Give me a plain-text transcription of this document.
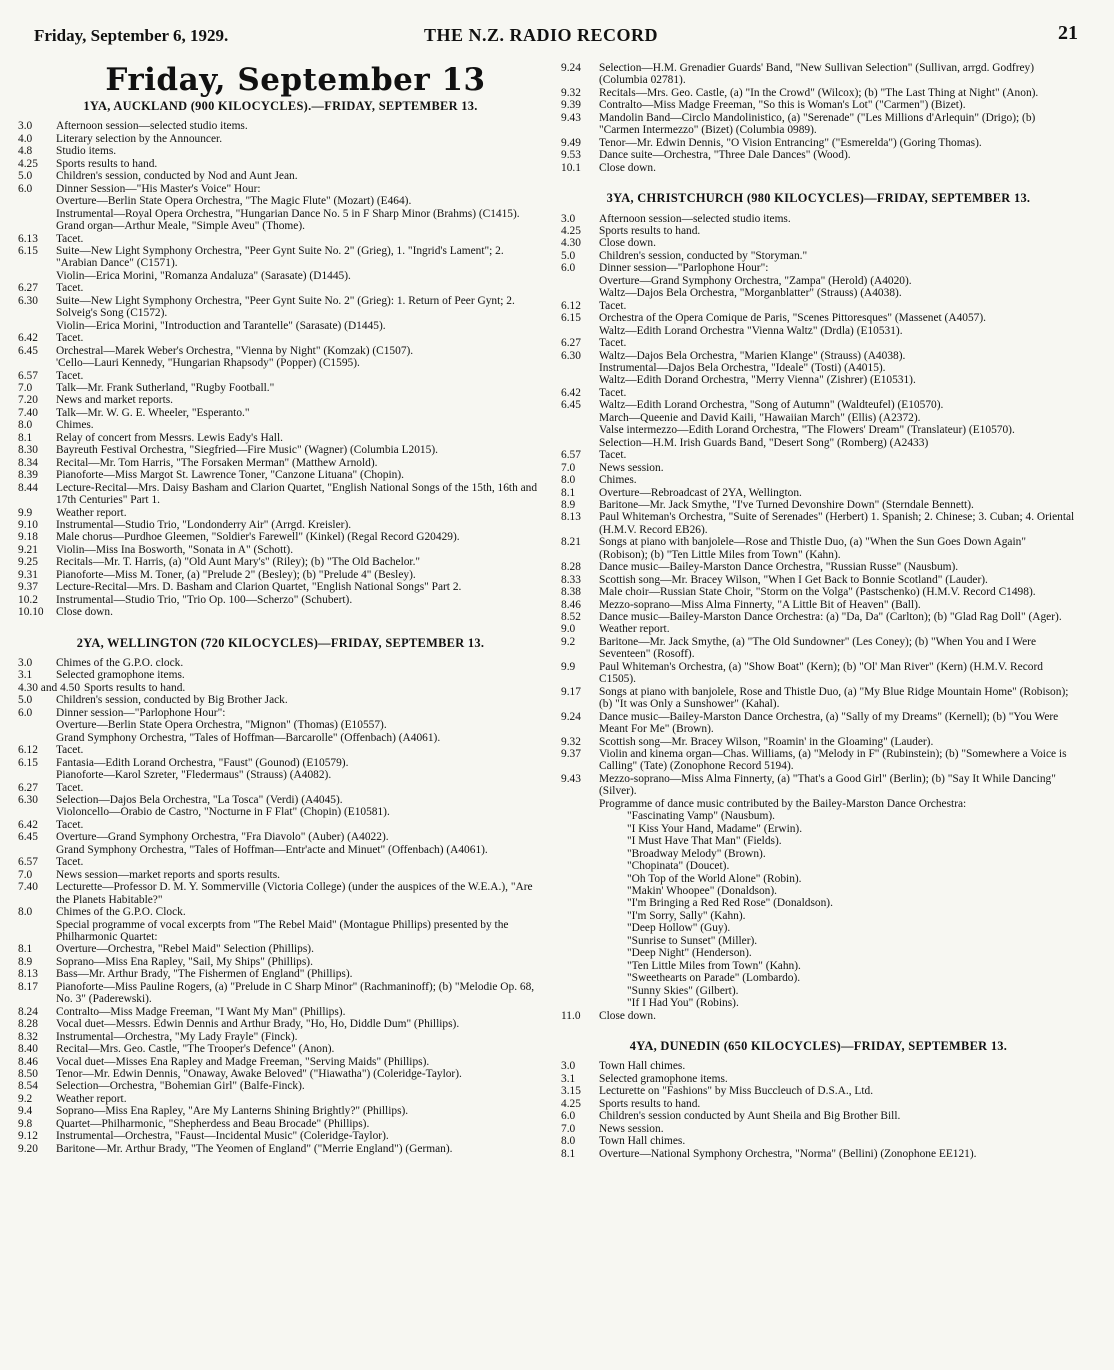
Friday, September 6, 1929.	THE N.Z. RADIO RECORD	21
Friday, September 13
1YA, AUCKLAND (900 KILOCYCLES).—FRIDAY, SEPTEMBER 13.
3.0	Afternoon session—selected studio items.
4.0	Literary selection by the Announcer.
4.8	Studio items.
4.25	Sports results to hand.
5.0	Children's session, conducted by Nod and Aunt Jean.
6.0	Dinner Session—"His Master's Voice" Hour:
Overture—Berlin State Opera Orchestra, "The Magic Flute" (Mozart) (E464).
Instrumental—Royal Opera Orchestra, "Hungarian Dance No. 5 in F Sharp Minor (Brahms) (C1415).
Grand organ—Arthur Meale, "Simple Aveu" (Thome).
6.13	Tacet.
6.15	Suite—New Light Symphony Orchestra, "Peer Gynt Suite No. 2" (Grieg), 1. "Ingrid's Lament"; 2. "Arabian Dance" (C1571).
Violin—Erica Morini, "Romanza Andaluza" (Sarasate) (D1445).
6.27	Tacet.
6.30	Suite—New Light Symphony Orchestra, "Peer Gynt Suite No. 2" (Grieg): 1. Return of Peer Gynt; 2. Solveig's Song (C1572).
Violin—Erica Morini, "Introduction and Tarantelle" (Sarasate) (D1445).
6.42	Tacet.
6.45	Orchestral—Marek Weber's Orchestra, "Vienna by Night" (Komzak) (C1507).
'Cello—Lauri Kennedy, "Hungarian Rhapsody" (Popper) (C1595).
6.57	Tacet.
7.0	Talk—Mr. Frank Sutherland, "Rugby Football."
7.20	News and market reports.
7.40	Talk—Mr. W. G. E. Wheeler, "Esperanto."
8.0	Chimes.
8.1	Relay of concert from Messrs. Lewis Eady's Hall.
8.30	Bayreuth Festival Orchestra, "Siegfried—Fire Music" (Wagner) (Columbia L2015).
8.34	Recital—Mr. Tom Harris, "The Forsaken Merman" (Matthew Arnold).
8.39	Pianoforte—Miss Margot St. Lawrence Toner, "Canzone Lituana" (Chopin).
8.44	Lecture-Recital—Mrs. Daisy Basham and Clarion Quartet, "English National Songs of the 15th, 16th and 17th Centuries" Part 1.
9.9	Weather report.
9.10	Instrumental—Studio Trio, "Londonderry Air" (Arrgd. Kreisler).
9.18	Male chorus—Purdhoe Gleemen, "Soldier's Farewell" (Kinkel) (Regal Record G20429).
9.21	Violin—Miss Ina Bosworth, "Sonata in A" (Schott).
9.25	Recitals—Mr. T. Harris, (a) "Old Aunt Mary's" (Riley); (b) "The Old Bachelor."
9.31	Pianoforte—Miss M. Toner, (a) "Prelude 2" (Besley); (b) "Prelude 4" (Besley).
9.37	Lecture-Recital—Mrs. D. Basham and Clarion Quartet, "English National Songs" Part 2.
10.2	Instrumental—Studio Trio, "Trio Op. 100—Scherzo" (Schubert).
10.10	Close down.
2YA, WELLINGTON (720 KILOCYCLES)—FRIDAY, SEPTEMBER 13.
3.0	Chimes of the G.P.O. clock.
3.1	Selected gramophone items.
4.30 and 4.50 Sports results to hand.
5.0	Children's session, conducted by Big Brother Jack.
6.0	Dinner session—"Parlophone Hour":
Overture—Berlin State Opera Orchestra, "Mignon" (Thomas) (E10557).
Grand Symphony Orchestra, "Tales of Hoffman—Barcarolle" (Offenbach) (A4061).
6.12	Tacet.
6.15	Fantasia—Edith Lorand Orchestra, "Faust" (Gounod) (E10579).
Pianoforte—Karol Szreter, "Fledermaus" (Strauss) (A4082).
6.27	Tacet.
6.30	Selection—Dajos Bela Orchestra, "La Tosca" (Verdi) (A4045).
Violoncello—Orabio de Castro, "Nocturne in F Flat" (Chopin) (E10581).
6.42	Tacet.
6.45	Overture—Grand Symphony Orchestra, "Fra Diavolo" (Auber) (A4022).
Grand Symphony Orchestra, "Tales of Hoffman—Entr'acte and Minuet" (Offenbach) (A4061).
6.57	Tacet.
7.0	News session—market reports and sports results.
7.40	Lecturette—Professor D. M. Y. Sommerville (Victoria College) (under the auspices of the W.E.A.), "Are the Planets Habitable?"
8.0	Chimes of the G.P.O. Clock.
Special programme of vocal excerpts from "The Rebel Maid" (Montague Phillips) presented by the Philharmonic Quartet:
8.1	Overture—Orchestra, "Rebel Maid" Selection (Phillips).
8.9	Soprano—Miss Ena Rapley, "Sail, My Ships" (Phillips).
8.13	Bass—Mr. Arthur Brady, "The Fishermen of England" (Phillips).
8.17	Pianoforte—Miss Pauline Rogers, (a) "Prelude in C Sharp Minor" (Rachmaninoff); (b) "Melodie Op. 68, No. 3" (Paderewski).
8.24	Contralto—Miss Madge Freeman, "I Want My Man" (Phillips).
8.28	Vocal duet—Messrs. Edwin Dennis and Arthur Brady, "Ho, Ho, Diddle Dum" (Phillips).
8.32	Instrumental—Orchestra, "My Lady Frayle" (Finck).
8.40	Recital—Mrs. Geo. Castle, "The Trooper's Defence" (Anon).
8.46	Vocal duet—Misses Ena Rapley and Madge Freeman, "Serving Maids" (Phillips).
8.50	Tenor—Mr. Edwin Dennis, "Onaway, Awake Beloved" ("Hiawatha") (Coleridge-Taylor).
8.54	Selection—Orchestra, "Bohemian Girl" (Balfe-Finck).
9.2	Weather report.
9.4	Soprano—Miss Ena Rapley, "Are My Lanterns Shining Brightly?" (Phillips).
9.8	Quartet—Philharmonic, "Shepherdess and Beau Brocade" (Phillips).
9.12	Instrumental—Orchestra, "Faust—Incidental Music" (Coleridge-Taylor).
9.20	Baritone—Mr. Arthur Brady, "The Yeomen of England" ("Merrie England") (German).
9.24	Selection—H.M. Grenadier Guards' Band, "New Sullivan Selection" (Sullivan, arrgd. Godfrey) (Columbia 02781).
9.32	Recitals—Mrs. Geo. Castle, (a) "In the Crowd" (Wilcox); (b) "The Last Thing at Night" (Anon).
9.39	Contralto—Miss Madge Freeman, "So this is Woman's Lot" ("Carmen") (Bizet).
9.43	Mandolin Band—Circlo Mandolinistico, (a) "Serenade" ("Les Millions d'Arlequin" (Drigo); (b) "Carmen Intermezzo" (Bizet) (Columbia 0989).
9.49	Tenor—Mr. Edwin Dennis, "O Vision Entrancing" ("Esmerelda") (Goring Thomas).
9.53	Dance suite—Orchestra, "Three Dale Dances" (Wood).
10.1	Close down.
3YA, CHRISTCHURCH (980 KILOCYCLES)—FRIDAY, SEPTEMBER 13.
3.0	Afternoon session—selected studio items.
4.25	Sports results to hand.
4.30	Close down.
5.0	Children's session, conducted by "Storyman."
6.0	Dinner session—"Parlophone Hour":
Overture—Grand Symphony Orchestra, "Zampa" (Herold) (A4020).
Waltz—Dajos Bela Orchestra, "Morganblatter" (Strauss) (A4038).
6.12	Tacet.
6.15	Orchestra of the Opera Comique de Paris, "Scenes Pittoresques" (Massenet (A4057).
Waltz—Edith Lorand Orchestra "Vienna Waltz" (Drdla) (E10531).
6.27	Tacet.
6.30	Waltz—Dajos Bela Orchestra, "Marien Klange" (Strauss) (A4038).
Instrumental—Dajos Bela Orchestra, "Ideale" (Tosti) (A4015).
Waltz—Edith Dorand Orchestra, "Merry Vienna" (Zishrer) (E10531).
6.42	Tacet.
6.45	Waltz—Edith Lorand Orchestra, "Song of Autumn" (Waldteufel) (E10570).
March—Queenie and David Kaili, "Hawaiian March" (Ellis) (A2372).
Valse intermezzo—Edith Lorand Orchestra, "The Flowers' Dream" (Translateur) (E10570).
Selection—H.M. Irish Guards Band, "Desert Song" (Romberg) (A2433)
6.57	Tacet.
7.0	News session.
8.0	Chimes.
8.1	Overture—Rebroadcast of 2YA, Wellington.
8.9	Baritone—Mr. Jack Smythe, "I've Turned Devonshire Down" (Sterndale Bennett).
8.13	Paul Whiteman's Orchestra, "Suite of Serenades" (Herbert) 1. Spanish; 2. Chinese; 3. Cuban; 4. Oriental (H.M.V. Record EB26).
8.21	Songs at piano with banjolele—Rose and Thistle Duo, (a) "When the Sun Goes Down Again" (Robison); (b) "Ten Little Miles from Town" (Kahn).
8.28	Dance music—Bailey-Marston Dance Orchestra, "Russian Russe" (Nausbum).
8.33	Scottish song—Mr. Bracey Wilson, "When I Get Back to Bonnie Scotland" (Lauder).
8.38	Male choir—Russian State Choir, "Storm on the Volga" (Pastschenko) (H.M.V. Record C1498).
8.46	Mezzo-soprano—Miss Alma Finnerty, "A Little Bit of Heaven" (Ball).
8.52	Dance music—Bailey-Marston Dance Orchestra: (a) "Da, Da" (Carlton); (b) "Glad Rag Doll" (Ager).
9.0	Weather report.
9.2	Baritone—Mr. Jack Smythe, (a) "The Old Sundowner" (Les Coney); (b) "When You and I Were Seventeen" (Rosoff).
9.9	Paul Whiteman's Orchestra, (a) "Show Boat" (Kern); (b) "Ol' Man River" (Kern) (H.M.V. Record C1505).
9.17	Songs at piano with banjolele, Rose and Thistle Duo, (a) "My Blue Ridge Mountain Home" (Robison); (b) "It was Only a Sunshower" (Kahal).
9.24	Dance music—Bailey-Marston Dance Orchestra, (a) "Sally of my Dreams" (Kernell); (b) "You Were Meant For Me" (Brown).
9.32	Scottish song—Mr. Bracey Wilson, "Roamin' in the Gloaming" (Lauder).
9.37	Violin and kinema organ—Chas. Williams, (a) "Melody in F" (Rubinstein); (b) "Somewhere a Voice is Calling" (Tate) (Zonophone Record 5194).
9.43	Mezzo-soprano—Miss Alma Finnerty, (a) "That's a Good Girl" (Berlin); (b) "Say It While Dancing" (Silver).
Programme of dance music contributed by the Bailey-Marston Dance Orchestra:
"Fascinating Vamp" (Nausbum).
"I Kiss Your Hand, Madame" (Erwin).
"I Must Have That Man" (Fields).
"Broadway Melody" (Brown).
"Chopinata" (Doucet).
"Oh Top of the World Alone" (Robin).
"Makin' Whoopee" (Donaldson).
"I'm Bringing a Red Red Rose" (Donaldson).
"I'm Sorry, Sally" (Kahn).
"Deep Hollow" (Guy).
"Sunrise to Sunset" (Miller).
"Deep Night" (Henderson).
"Ten Little Miles from Town" (Kahn).
"Sweethearts on Parade" (Lombardo).
"Sunny Skies" (Gilbert).
"If I Had You" (Robins).
11.0	Close down.
4YA, DUNEDIN (650 KILOCYCLES)—FRIDAY, SEPTEMBER 13.
3.0	Town Hall chimes.
3.1	Selected gramophone items.
3.15	Lecturette on "Fashions" by Miss Buccleuch of D.S.A., Ltd.
4.25	Sports results to hand.
6.0	Children's session conducted by Aunt Sheila and Big Brother Bill.
7.0	News session.
8.0	Town Hall chimes.
8.1	Overture—National Symphony Orchestra, "Norma" (Bellini) (Zonophone EE121).
